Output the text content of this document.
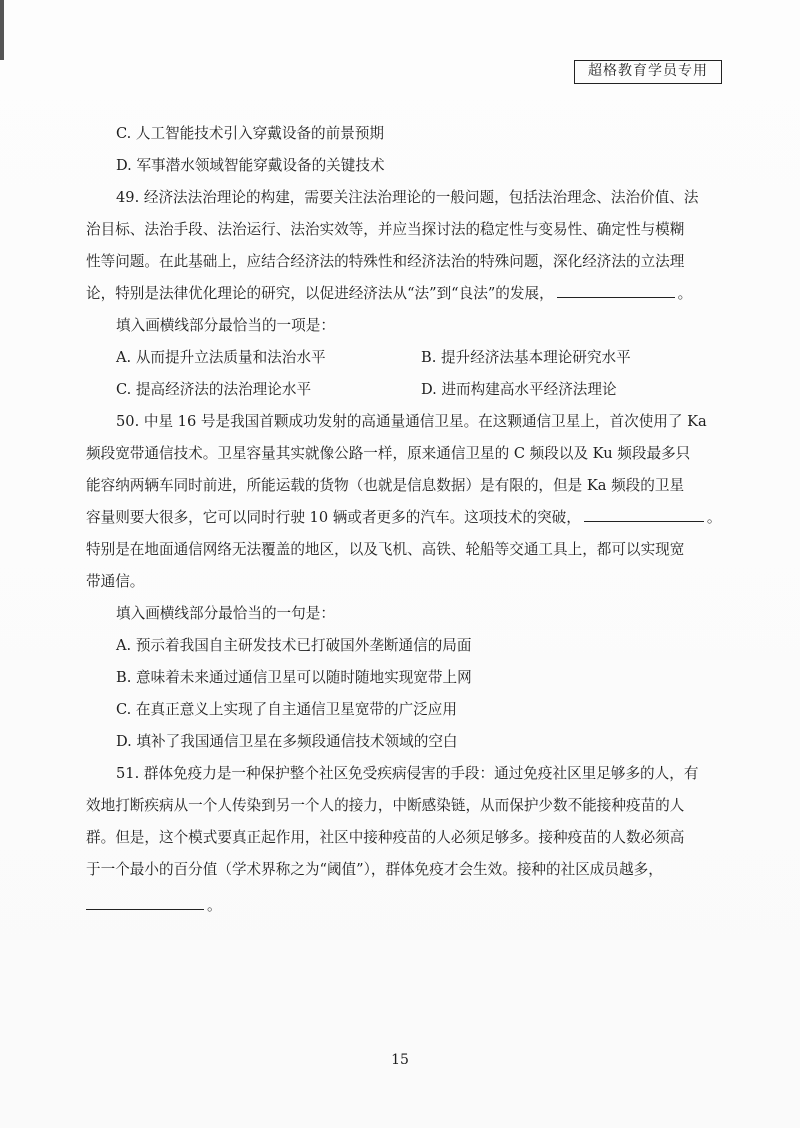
超格教育学员专用
C. 人工智能技术引入穿戴设备的前景预期
D. 军事潜水领域智能穿戴设备的关键技术
49. 经济法法治理论的构建，需要关注法治理论的一般问题，包括法治理念、法治价值、法
治目标、法治手段、法治运行、法治实效等，并应当探讨法的稳定性与变易性、确定性与模糊
性等问题。在此基础上，应结合经济法的特殊性和经济法治的特殊问题，深化经济法的立法理
论，特别是法律优化理论的研究，以促进经济法从“法”到“良法”的发展，	。
填入画横线部分最恰当的一项是：
A. 从而提升立法质量和法治水平	B. 提升经济法基本理论研究水平
C. 提高经济法的法治理论水平	D. 进而构建高水平经济法理论
50. 中星 16 号是我国首颗成功发射的高通量通信卫星。在这颗通信卫星上，首次使用了 Ka
频段宽带通信技术。卫星容量其实就像公路一样，原来通信卫星的 C 频段以及 Ku 频段最多只
能容纳两辆车同时前进，所能运载的货物（也就是信息数据）是有限的，但是 Ka 频段的卫星
容量则要大很多，它可以同时行驶 10 辆或者更多的汽车。这项技术的突破，	。
特别是在地面通信网络无法覆盖的地区，以及飞机、高铁、轮船等交通工具上，都可以实现宽
带通信。
填入画横线部分最恰当的一句是：
A. 预示着我国自主研发技术已打破国外垄断通信的局面
B. 意味着未来通过通信卫星可以随时随地实现宽带上网
C. 在真正意义上实现了自主通信卫星宽带的广泛应用
D. 填补了我国通信卫星在多频段通信技术领域的空白
51. 群体免疫力是一种保护整个社区免受疾病侵害的手段：通过免疫社区里足够多的人，有
效地打断疾病从一个人传染到另一个人的接力，中断感染链，从而保护少数不能接种疫苗的人
群。但是，这个模式要真正起作用，社区中接种疫苗的人必须足够多。接种疫苗的人数必须高
于一个最小的百分值（学术界称之为“阈值”），群体免疫才会生效。接种的社区成员越多，
。
15
